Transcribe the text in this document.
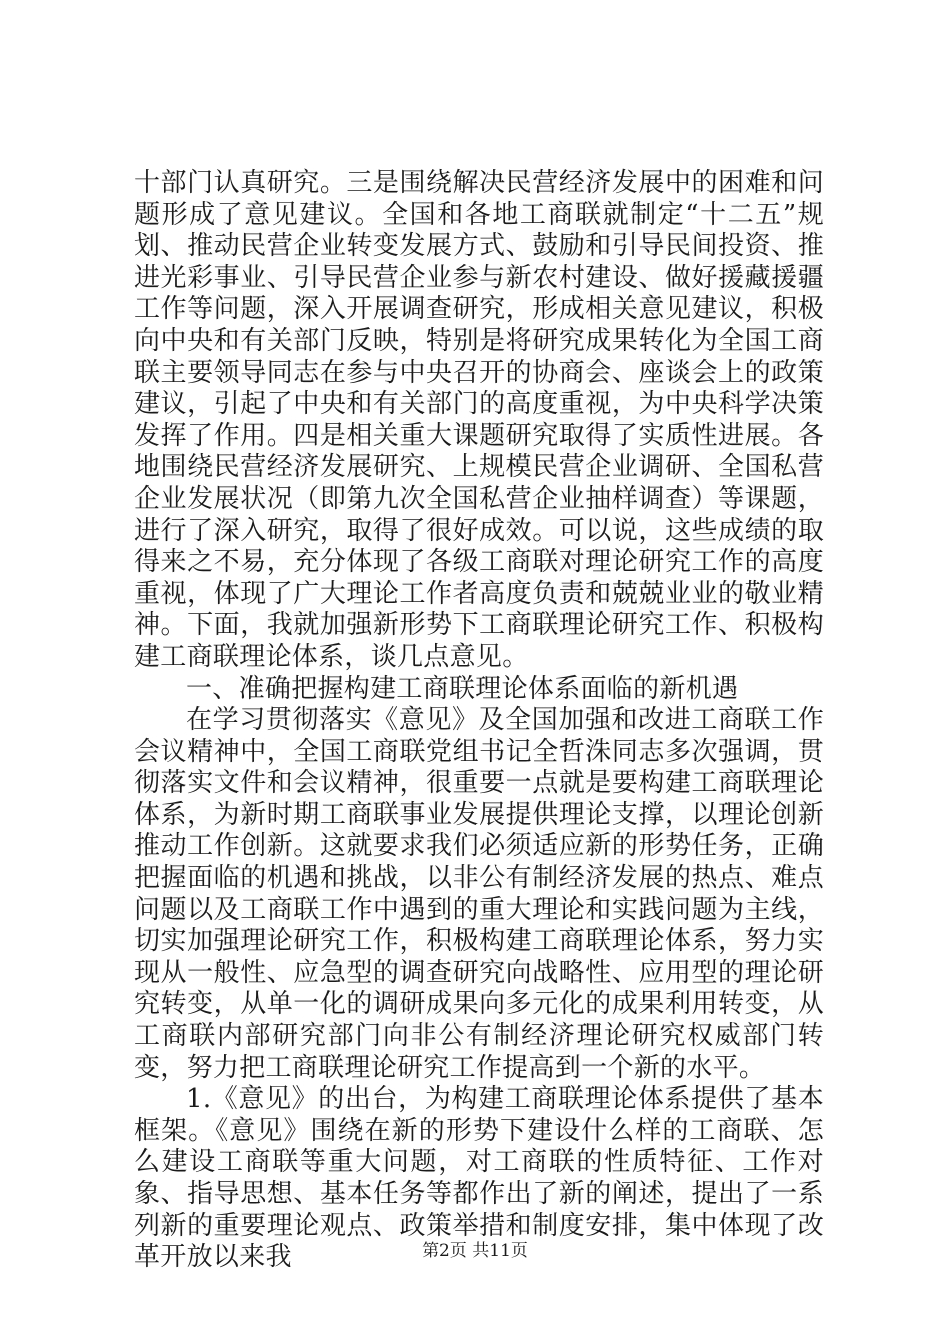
十部门认真研究。三是围绕解决民营经济发展中的困难和问题形成了意见建议。全国和各地工商联就制定“十二五”规划、推动民营企业转变发展方式、鼓励和引导民间投资、推进光彩事业、引导民营企业参与新农村建设、做好援藏援疆工作等问题，深入开展调查研究，形成相关意见建议，积极向中央和有关部门反映，特别是将研究成果转化为全国工商联主要领导同志在参与中央召开的协商会、座谈会上的政策建议，引起了中央和有关部门的高度重视，为中央科学决策发挥了作用。四是相关重大课题研究取得了实质性进展。各地围绕民营经济发展研究、上规模民营企业调研、全国私营企业发展状况（即第九次全国私营企业抽样调查）等课题，进行了深入研究，取得了很好成效。可以说，这些成绩的取得来之不易，充分体现了各级工商联对理论研究工作的高度重视，体现了广大理论工作者高度负责和兢兢业业的敬业精神。下面，我就加强新形势下工商联理论研究工作、积极构建工商联理论体系，谈几点意见。

一、准确把握构建工商联理论体系面临的新机遇

在学习贯彻落实《意见》及全国加强和改进工商联工作会议精神中，全国工商联党组书记全哲洙同志多次强调，贯彻落实文件和会议精神，很重要一点就是要构建工商联理论体系，为新时期工商联事业发展提供理论支撑，以理论创新推动工作创新。这就要求我们必须适应新的形势任务，正确把握面临的机遇和挑战，以非公有制经济发展的热点、难点问题以及工商联工作中遇到的重大理论和实践问题为主线，切实加强理论研究工作，积极构建工商联理论体系，努力实现从一般性、应急型的调查研究向战略性、应用型的理论研究转变，从单一化的调研成果向多元化的成果利用转变，从工商联内部研究部门向非公有制经济理论研究权威部门转变，努力把工商联理论研究工作提高到一个新的水平。

1.《意见》的出台，为构建工商联理论体系提供了基本框架。《意见》围绕在新的形势下建设什么样的工商联、怎么建设工商联等重大问题，对工商联的性质特征、工作对象、指导思想、基本任务等都作出了新的阐述，提出了一系列新的重要理论观点、政策举措和制度安排，集中体现了改革开放以来我	第2页 共11页
